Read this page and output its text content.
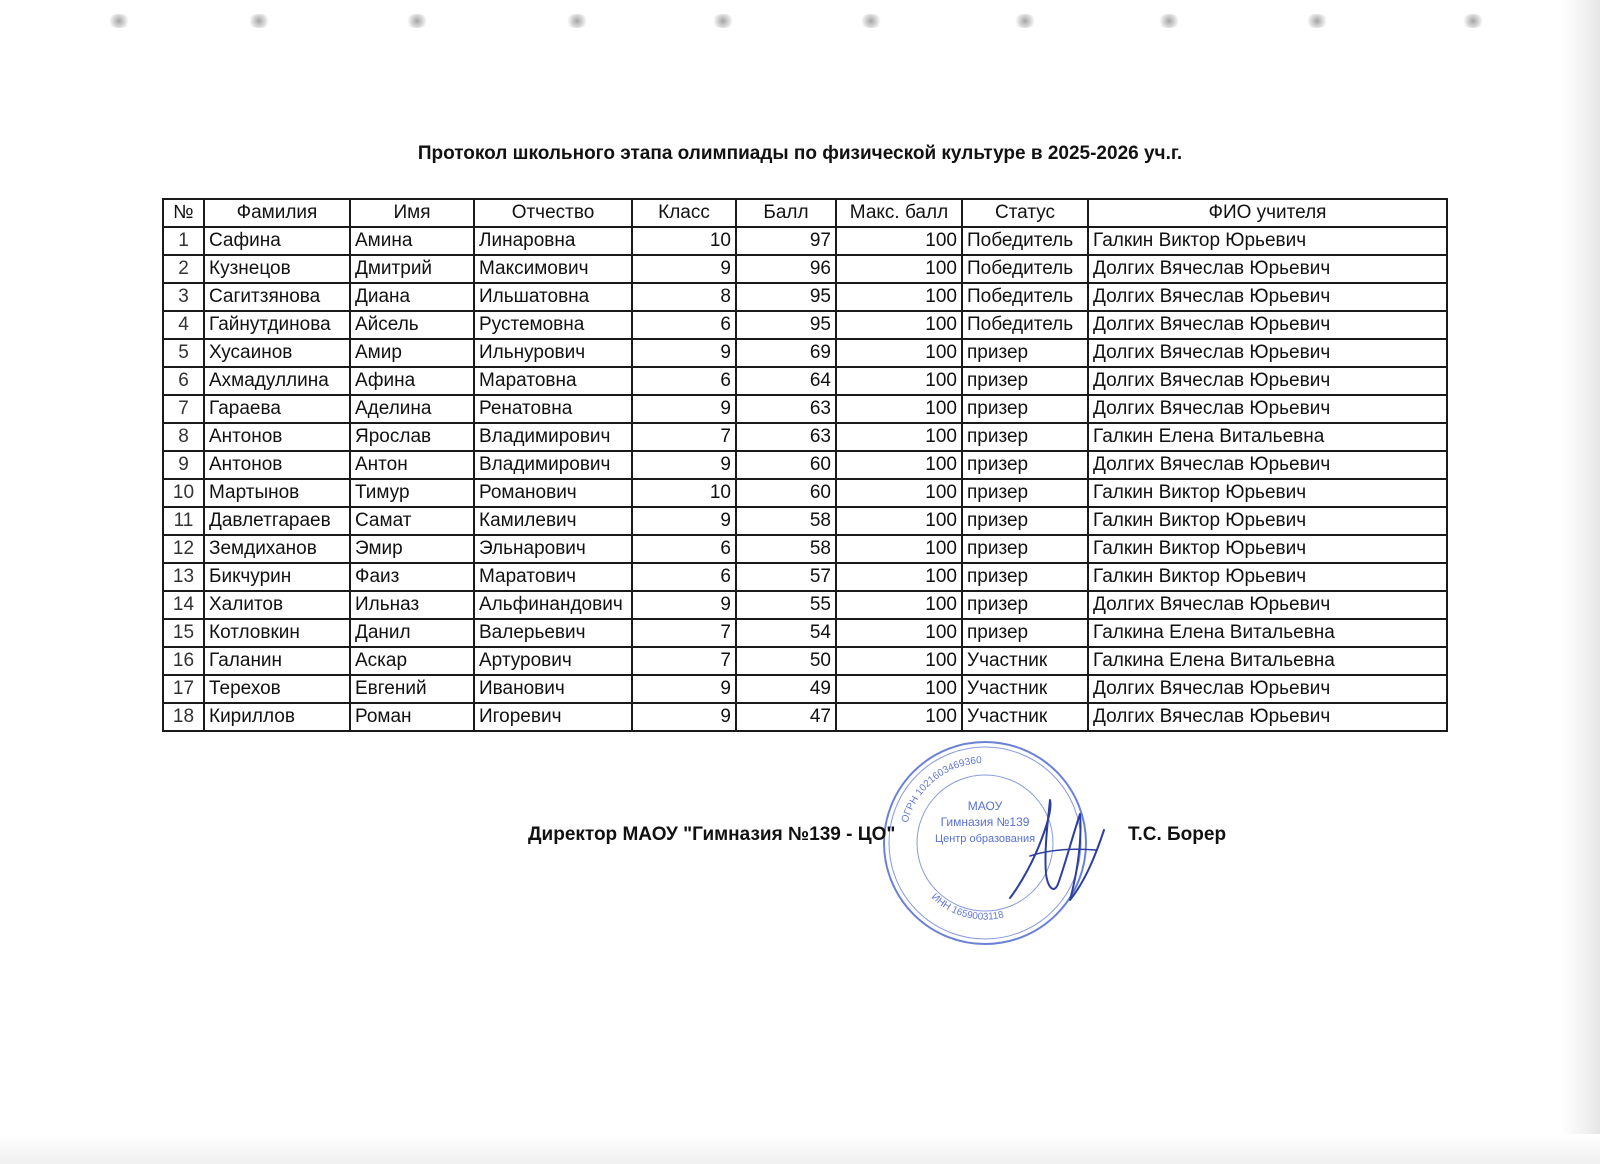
Протокол школьного этапа олимпиады по физической культуре в 2025-2026 уч.г.
№	Фамилия	Имя	Отчество	Класс	Балл	Макс. балл	Статус	ФИО учителя
1	Сафина	Амина	Линаровна	10	97	100	Победитель	Галкин Виктор Юрьевич
2	Кузнецов	Дмитрий	Максимович	9	96	100	Победитель	Долгих Вячеслав Юрьевич
3	Сагитзянова	Диана	Ильшатовна	8	95	100	Победитель	Долгих Вячеслав Юрьевич
4	Гайнутдинова	Айсель	Рустемовна	6	95	100	Победитель	Долгих Вячеслав Юрьевич
5	Хусаинов	Амир	Ильнурович	9	69	100	призер	Долгих Вячеслав Юрьевич
6	Ахмадуллина	Афина	Маратовна	6	64	100	призер	Долгих Вячеслав Юрьевич
7	Гараева	Аделина	Ренатовна	9	63	100	призер	Долгих Вячеслав Юрьевич
8	Антонов	Ярослав	Владимирович	7	63	100	призер	Галкин Елена Витальевна
9	Антонов	Антон	Владимирович	9	60	100	призер	Долгих Вячеслав Юрьевич
10	Мартынов	Тимур	Романович	10	60	100	призер	Галкин Виктор Юрьевич
11	Давлетгараев	Самат	Камилевич	9	58	100	призер	Галкин Виктор Юрьевич
12	Земдиханов	Эмир	Эльнарович	6	58	100	призер	Галкин Виктор Юрьевич
13	Бикчурин	Фаиз	Маратович	6	57	100	призер	Галкин Виктор Юрьевич
14	Халитов	Ильназ	Альфинандович	9	55	100	призер	Долгих Вячеслав Юрьевич
15	Котловкин	Данил	Валерьевич	7	54	100	призер	Галкина Елена Витальевна
16	Галанин	Аскар	Артурович	7	50	100	Участник	Галкина Елена Витальевна
17	Терехов	Евгений	Иванович	9	49	100	Участник	Долгих Вячеслав Юрьевич
18	Кириллов	Роман	Игоревич	9	47	100	Участник	Долгих Вячеслав Юрьевич
ОГРН 1021603469360
ИНН 1659003118
МАОУ
Гимназия №139
Центр образования
Директор МАОУ "Гимназия №139 - ЦО"	Т.С. Борер
